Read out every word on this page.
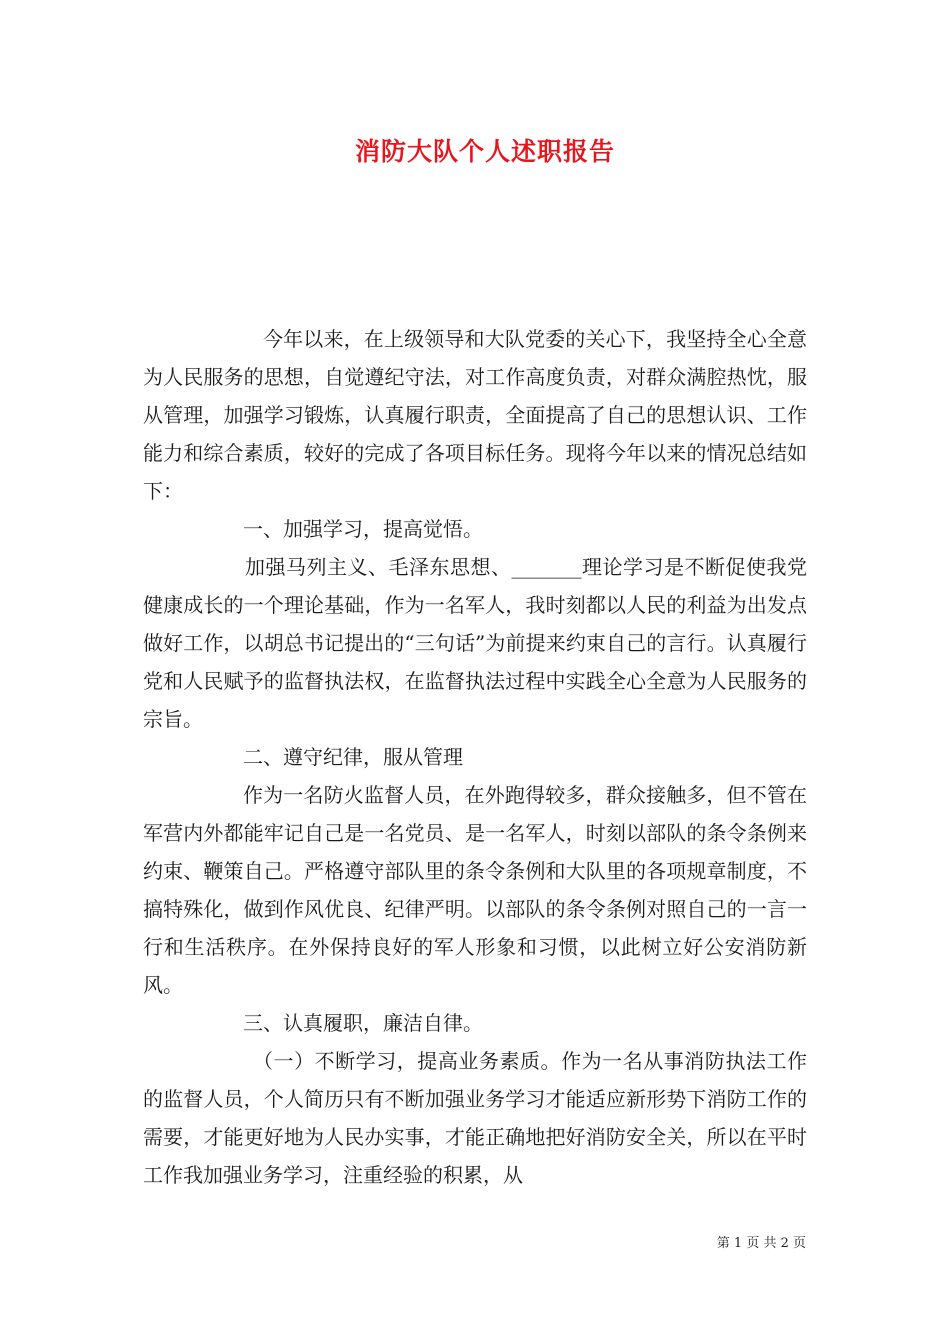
消防大队个人述职报告

今年以来，在上级领导和大队党委的关心下，我坚持全心全意为人民服务的思想，自觉遵纪守法，对工作高度负责，对群众满腔热忱，服从管理，加强学习锻炼，认真履行职责，全面提高了自己的思想认识、工作能力和综合素质，较好的完成了各项目标任务。现将今年以来的情况总结如下：

一、加强学习，提高觉悟。

加强马列主义、毛泽东思想、_______理论学习是不断促使我党健康成长的一个理论基础，作为一名军人，我时刻都以人民的利益为出发点做好工作，以胡总书记提出的“三句话”为前提来约束自己的言行。认真履行党和人民赋予的监督执法权，在监督执法过程中实践全心全意为人民服务的宗旨。

二、遵守纪律，服从管理

作为一名防火监督人员，在外跑得较多，群众接触多，但不管在军营内外都能牢记自己是一名党员、是一名军人，时刻以部队的条令条例来约束、鞭策自己。严格遵守部队里的条令条例和大队里的各项规章制度，不搞特殊化，做到作风优良、纪律严明。以部队的条令条例对照自己的一言一行和生活秩序。在外保持良好的军人形象和习惯，以此树立好公安消防新风。

三、认真履职，廉洁自律。

（一）不断学习，提高业务素质。作为一名从事消防执法工作的监督人员，个人简历只有不断加强业务学习才能适应新形势下消防工作的需要，才能更好地为人民办实事，才能正确地把好消防安全关，所以在平时工作我加强业务学习，注重经验的积累，从

第 1 页 共 2 页
